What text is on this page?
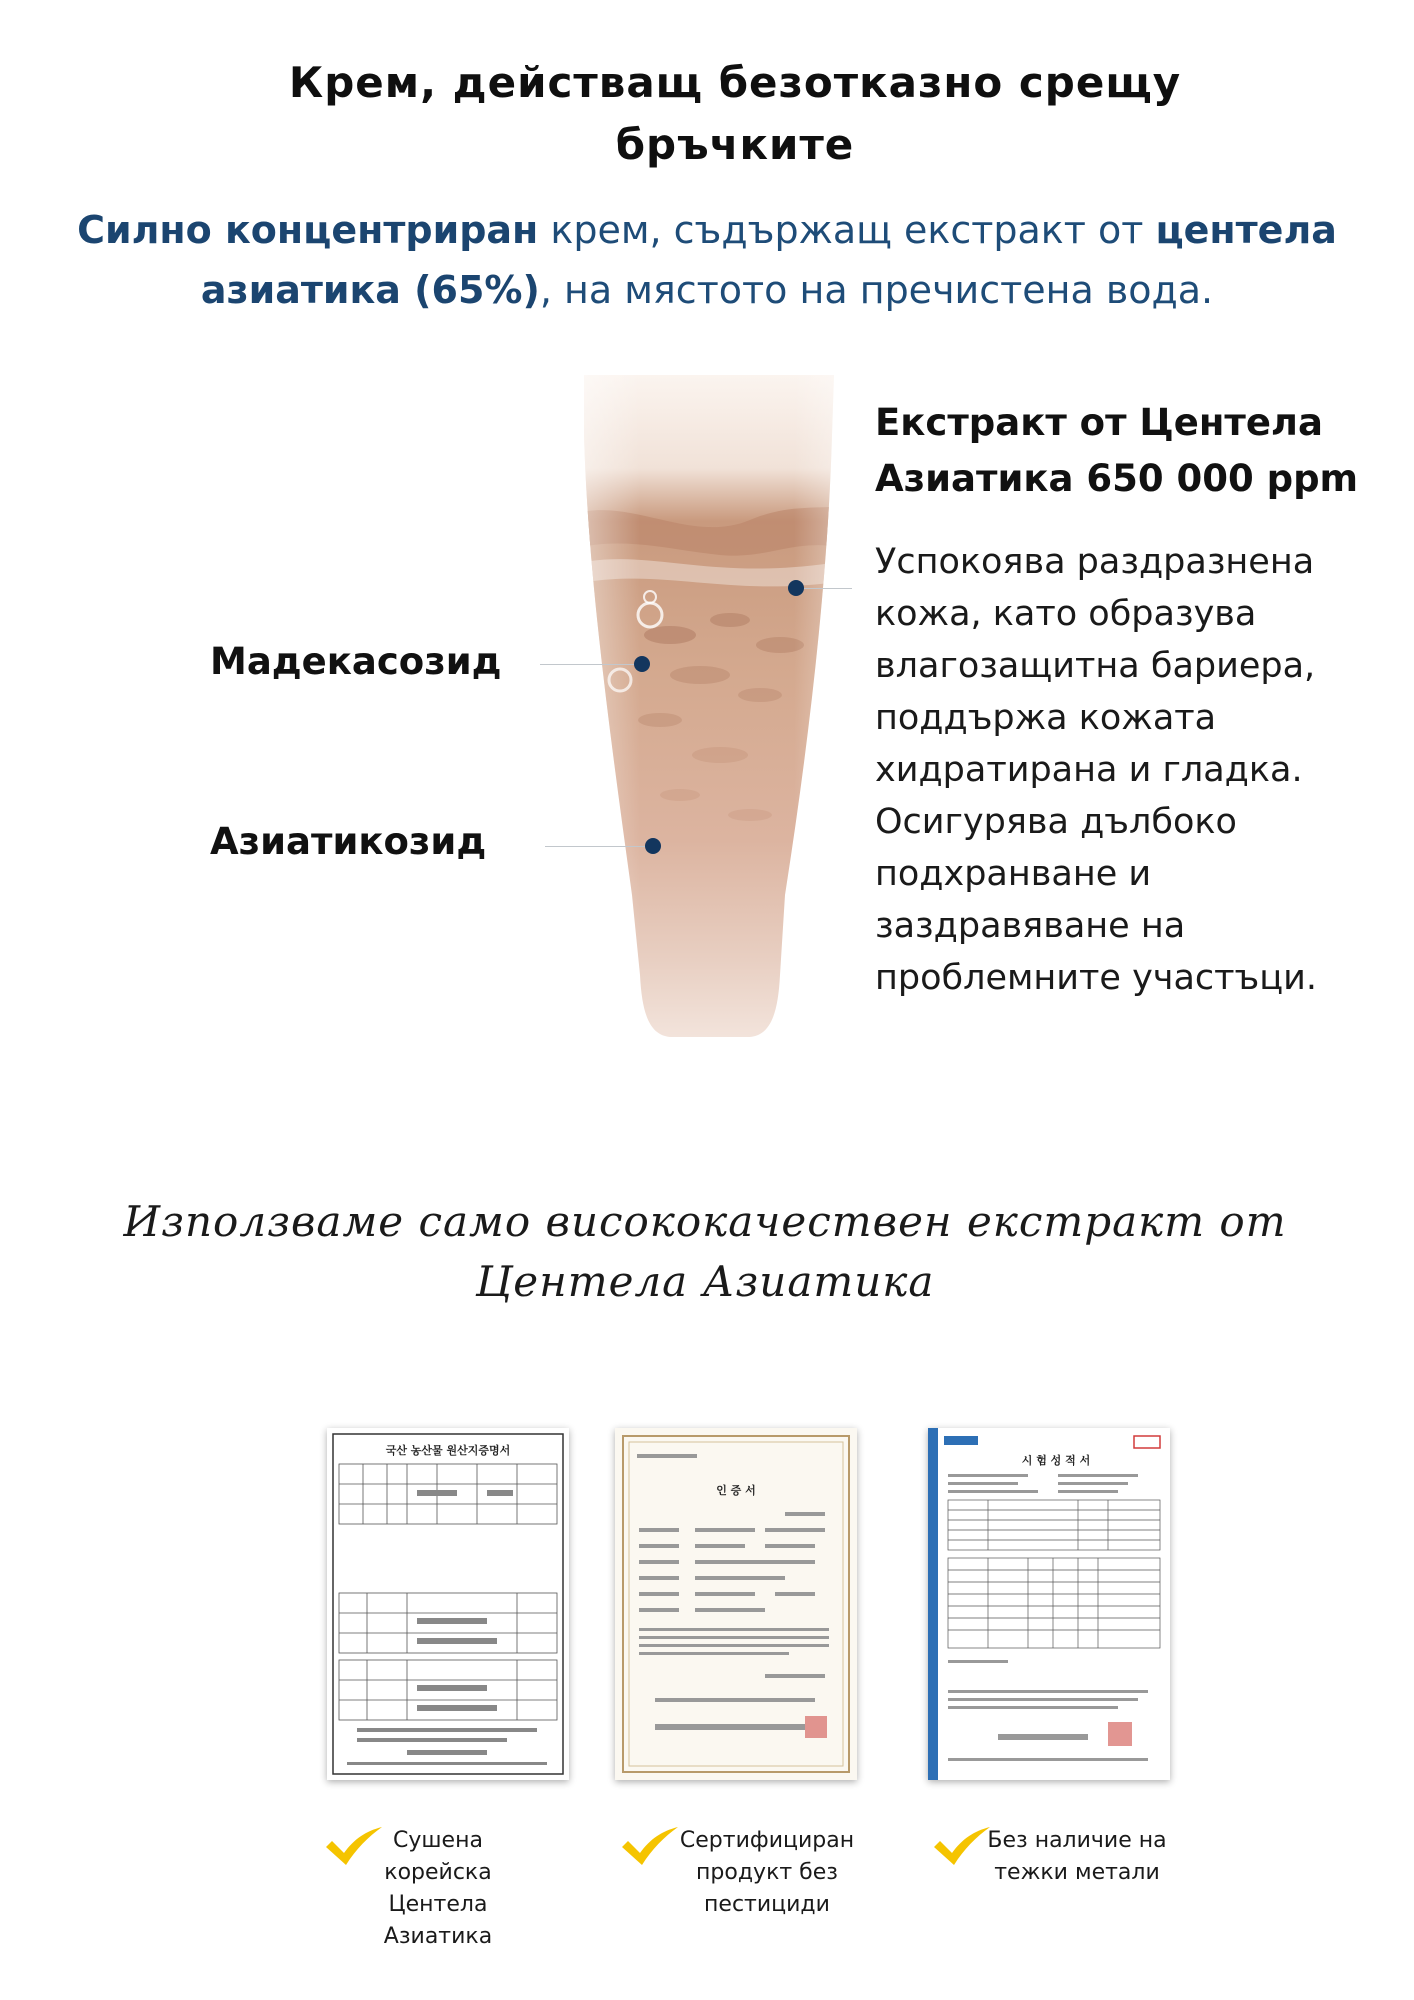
Крем, действащ безотказно срещу бръчките
Силно концентриран крем, съдържащ екстракт от центела азиатика (65%), на мястото на пречистена вода.
Мадекасозид
Азиатикозид
Екстракт от Центела Азиатика 650 000 ppm
Успокоява раздразнена кожа, като образува влагозащитна бариера, поддържа кожата хидратирана и гладка. Осигурява дълбоко подхранване и заздравяване на проблемните участъци.
Използваме само висококачествен екстракт от Центела Азиатика
국산 농산물 원산지증명서
인 증 서
시 험 성 적 서
Сушена корейска Центела Азиатика
Сертифициран продукт без пестициди
Без наличие на тежки метали
